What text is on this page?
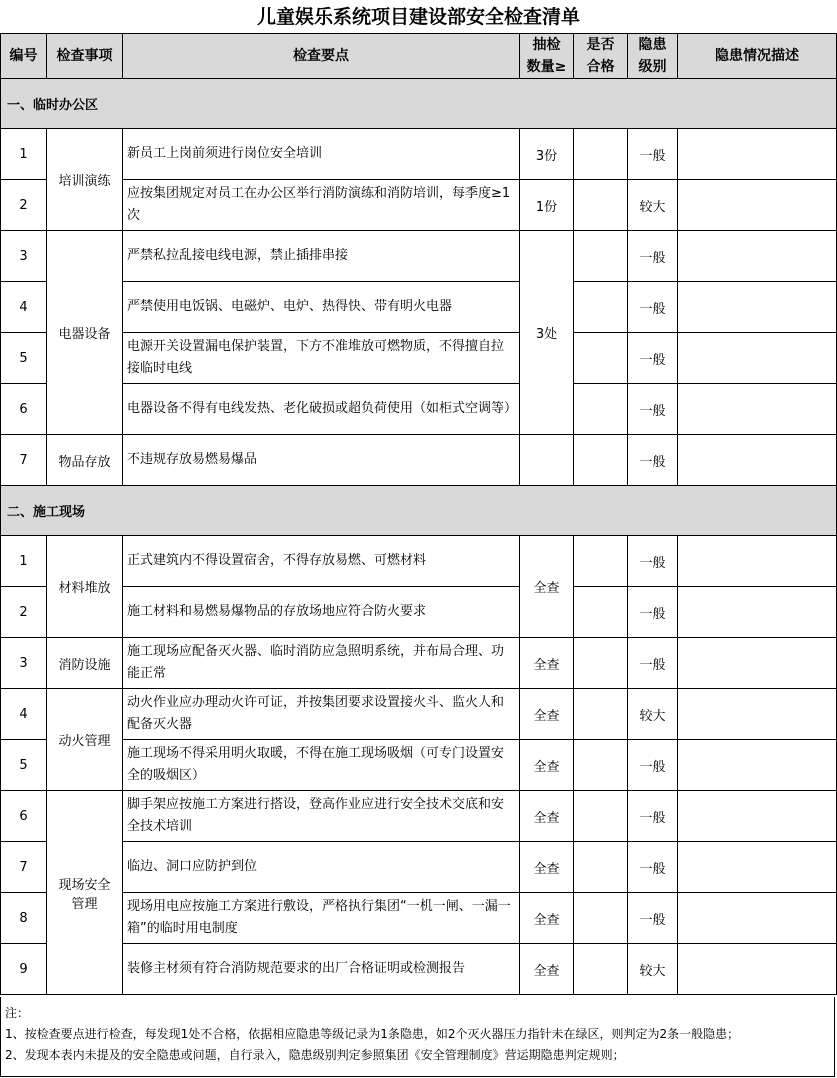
儿童娱乐系统项目建设部安全检查清单
编号	检查事项	检查要点	抽检
数量≥	是否
合格	隐患
级别	隐患情况描述
一、临时办公区						
1	培训演练	新员工上岗前须进行岗位安全培训	3份		一般	
2		应按集团规定对员工在办公区举行消防演练和消防培训，每季度≥1次	1份		较大	
3	电器设备	严禁私拉乱接电线电源，禁止插排串接	3处		一般	
4		严禁使用电饭锅、电磁炉、电炉、热得快、带有明火电器			一般	
5		电源开关设置漏电保护装置，下方不准堆放可燃物质，不得擅自拉接临时电线			一般	
6		电器设备不得有电线发热、老化破损或超负荷使用（如柜式空调等）			一般	
7	物品存放	不违规存放易燃易爆品			一般	
二、施工现场						
1	材料堆放	正式建筑内不得设置宿舍，不得存放易燃、可燃材料	全查		一般	
2		施工材料和易燃易爆物品的存放场地应符合防火要求			一般	
3	消防设施	施工现场应配备灭火器、临时消防应急照明系统，并布局合理、功能正常	全查		一般	
4	动火管理	动火作业应办理动火许可证，并按集团要求设置接火斗、监火人和配备灭火器	全查		较大	
5		施工现场不得采用明火取暖，不得在施工现场吸烟（可专门设置安全的吸烟区）	全查		一般	
6	现场安全
管理	脚手架应按施工方案进行搭设，登高作业应进行安全技术交底和安全技术培训	全查		一般	
7		临边、洞口应防护到位	全查		一般	
8		现场用电应按施工方案进行敷设，严格执行集团“一机一闸、一漏一箱”的临时用电制度	全查		一般	
9		装修主材须有符合消防规范要求的出厂合格证明或检测报告	全查		较大	
注：
1、按检查要点进行检查，每发现1处不合格，依据相应隐患等级记录为1条隐患，如2个灭火器压力指针未在绿区，则判定为2条一般隐患；
2、发现本表内未提及的安全隐患或问题，自行录入，隐患级别判定参照集团《安全管理制度》营运期隐患判定规则；
